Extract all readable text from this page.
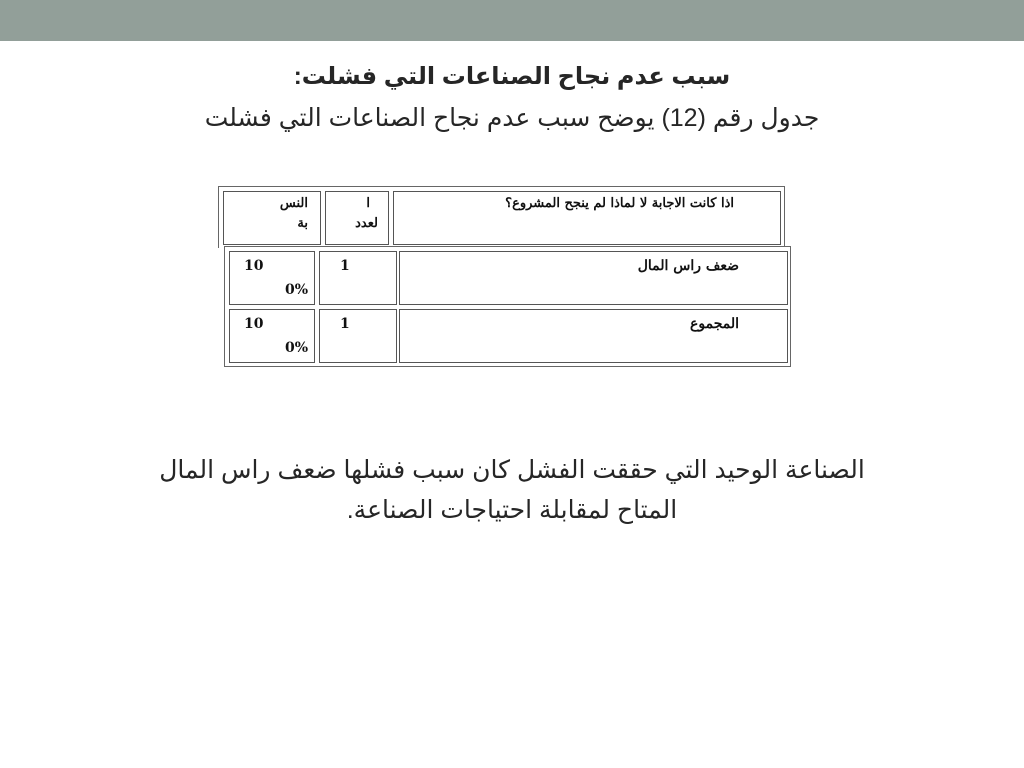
سبب عدم نجاح الصناعات التي فشلت:
جدول رقم (12) يوضح سبب عدم نجاح الصناعات التي فشلت
النس
بة
ا
لعدد
اذا كانت الاجابة لا لماذا لم ينجح المشروع؟
10
0%
1	ضعف راس المال
10
0%
1	المجموع
الصناعة الوحيد التي حققت الفشل كان سبب فشلها ضعف راس المال المتاح لمقابلة احتياجات الصناعة.
